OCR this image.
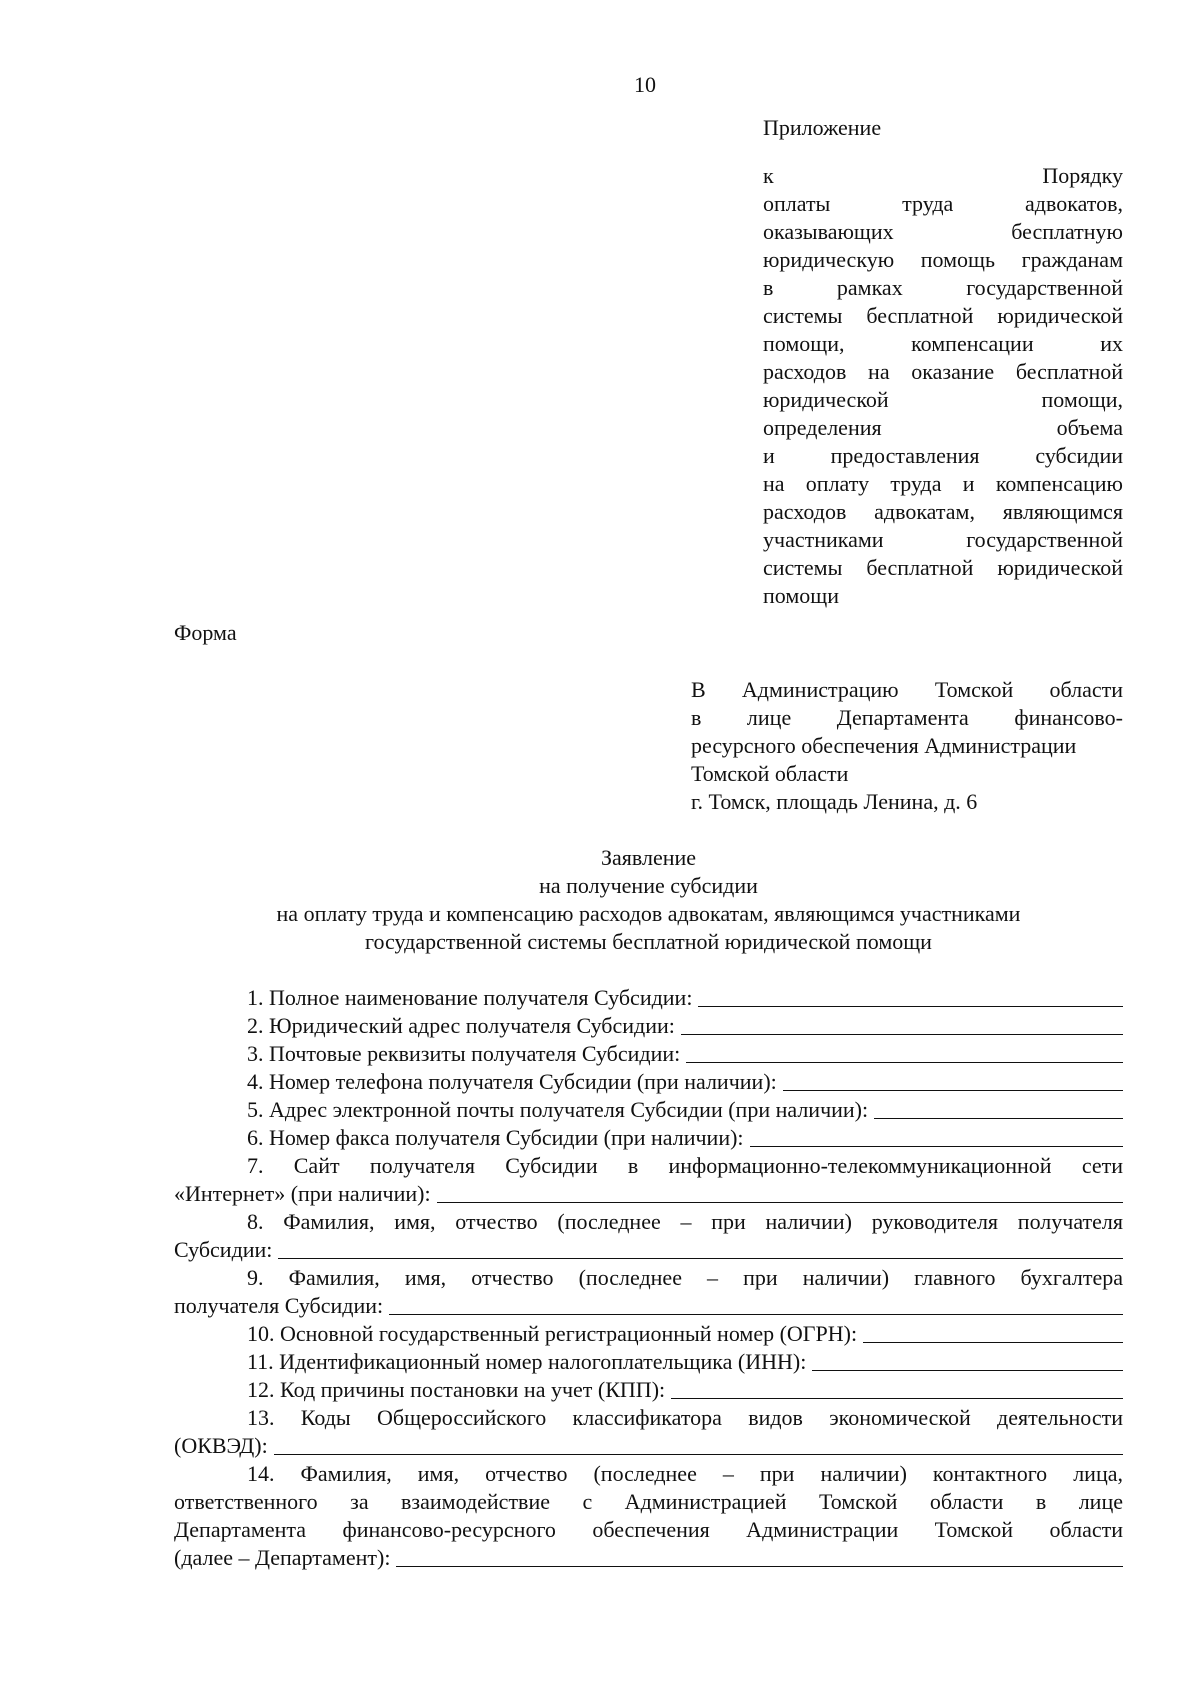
10
Приложение
к Порядку
оплаты труда адвокатов,
оказывающих бесплатную
юридическую помощь гражданам
в рамках государственной
системы бесплатной юридической
помощи, компенсации их
расходов на оказание бесплатной
юридической помощи,
определения объема
и предоставления субсидии
на оплату труда и компенсацию
расходов адвокатам, являющимся
участниками государственной
системы бесплатной юридической
помощи
Форма
В Администрацию Томской области
в лице Департамента финансово-
ресурсного обеспечения Администрации
Томской области
г. Томск, площадь Ленина, д. 6
Заявление
на получение субсидии
на оплату труда и компенсацию расходов адвокатам, являющимся участниками
государственной системы бесплатной юридической помощи
1. Полное наименование получателя Субсидии:
2. Юридический адрес получателя Субсидии:
3. Почтовые реквизиты получателя Субсидии:
4. Номер телефона получателя Субсидии (при наличии):
5. Адрес электронной почты получателя Субсидии (при наличии):
6. Номер факса получателя Субсидии (при наличии):
7. Сайт получателя Субсидии в информационно-телекоммуникационной сети
«Интернет» (при наличии):
8. Фамилия, имя, отчество (последнее – при наличии) руководителя получателя
Субсидии:
9. Фамилия, имя, отчество (последнее – при наличии) главного бухгалтера
получателя Субсидии:
10. Основной государственный регистрационный номер (ОГРН):
11. Идентификационный номер налогоплательщика (ИНН):
12. Код причины постановки на учет (КПП):
13. Коды Общероссийского классификатора видов экономической деятельности
(ОКВЭД):
14. Фамилия, имя, отчество (последнее – при наличии) контактного лица,
ответственного за взаимодействие с Администрацией Томской области в лице
Департамента финансово-ресурсного обеспечения Администрации Томской области
(далее – Департамент):
